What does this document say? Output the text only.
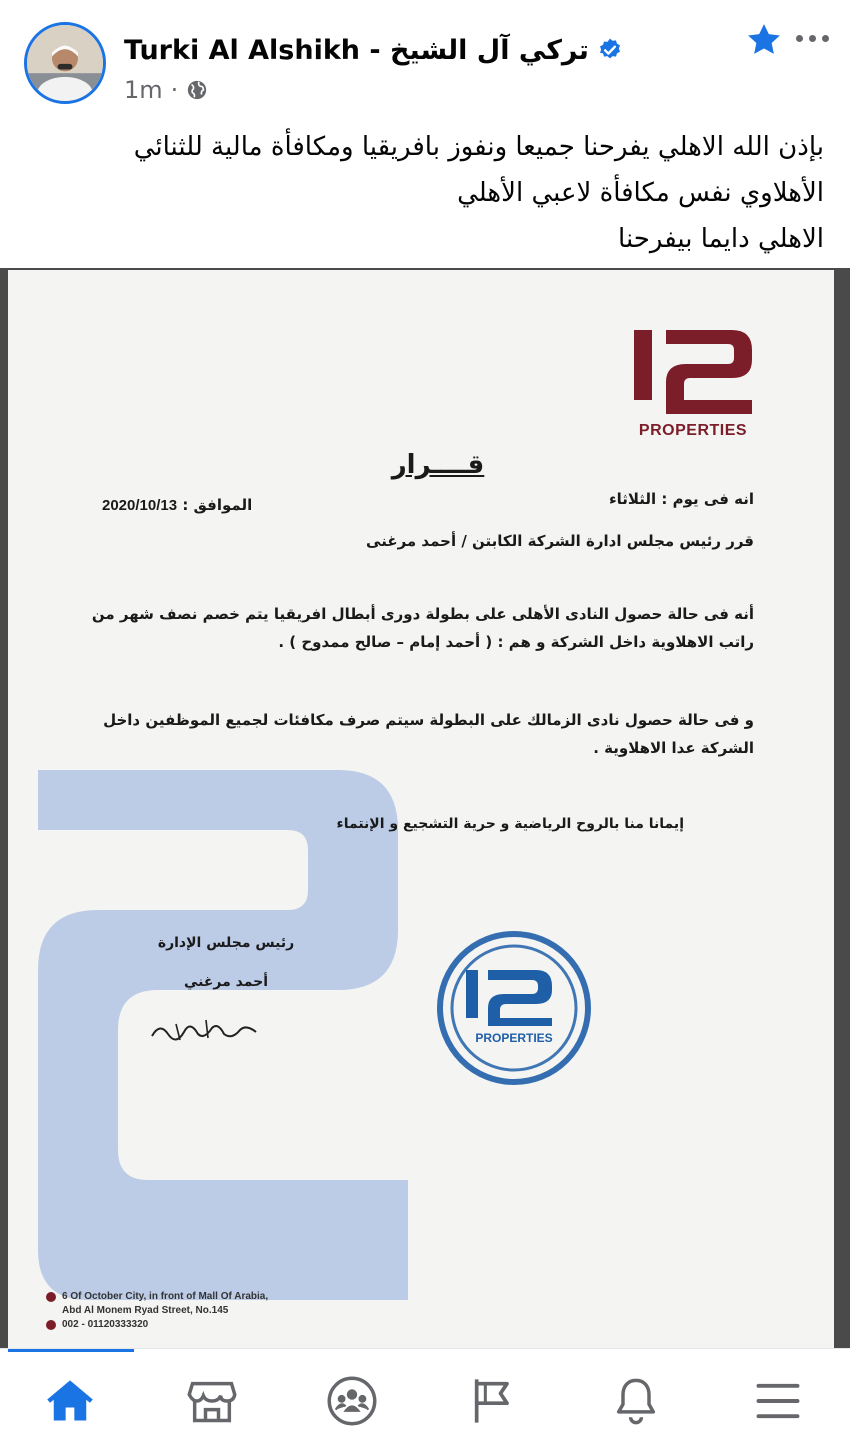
Turki Al Alshikh - تركي آل الشيخ
1m ·

بإذن الله الاهلي يفرحنا جميعا ونفوز بافريقيا ومكافأة مالية للثنائي

الأهلاوي نفس مكافأة لاعبي الأهلي

الاهلي دايما بيفرحنا

PROPERTIES
قــــرار
انه فى يوم : الثلاثاء
الموافق : 2020/10/13
قرر رئيس مجلس ادارة الشركة الكابتن / أحمد مرغنى
أنه فى حالة حصول النادى الأهلى على بطولة دورى أبطال افريقيا يتم خصم نصف شهر من
راتب الاهلاوية داخل الشركة و هم : ( أحمد إمام – صالح ممدوح ) .
و فى حالة حصول نادى الزمالك على البطولة سيتم صرف مكافئات لجميع الموظفين داخل
الشركة عدا الاهلاوية .
إيمانا منا بالروح الرياضية و حرية التشجيع و الإنتماء
رئيس مجلس الإدارة
أحمد مرغني
PROPERTIES
6 Of October City, in front of Mall Of Arabia,
Abd Al Monem Ryad Street, No.145
002 - 01120333320
